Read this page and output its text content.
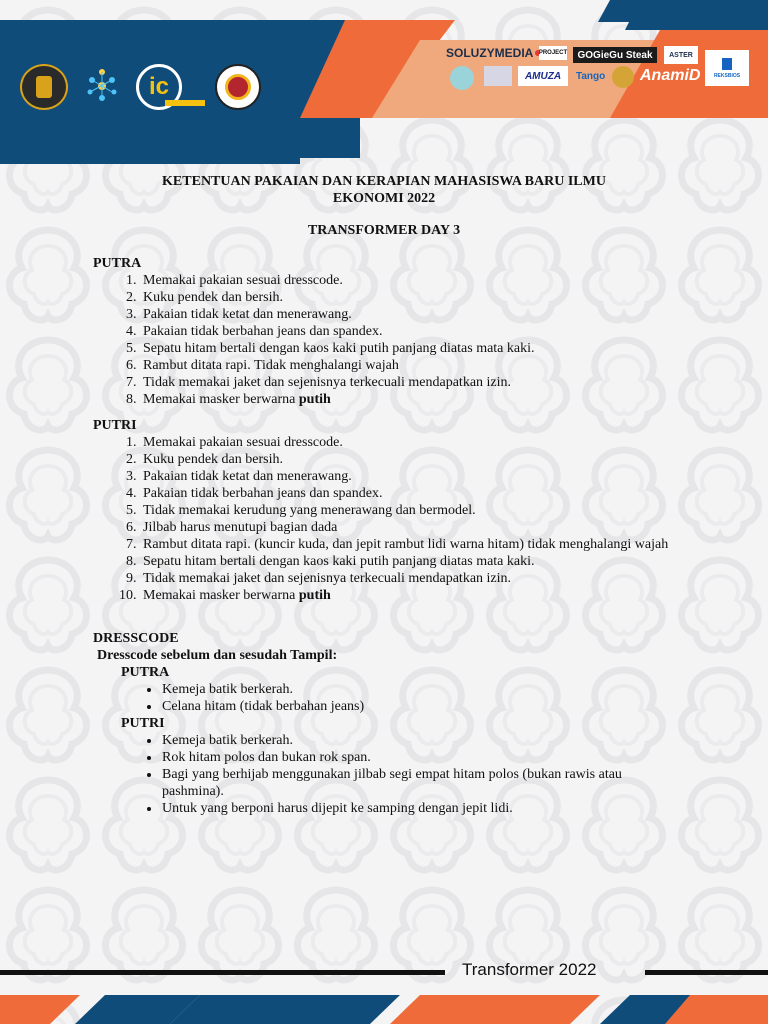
ic
SOLUZYMEDIA PROJECT GOGieGu Steak ASTER
AMUZA Tango AnamiD	REKSBIOS
KETENTUAN PAKAIAN DAN KERAPIAN MAHASISWA BARU ILMU
EKONOMI 2022
TRANSFORMER DAY 3
PUTRA
1. Memakai pakaian sesuai dresscode.
2. Kuku pendek dan bersih.
3. Pakaian tidak ketat dan menerawang.
4. Pakaian tidak berbahan jeans dan spandex.
5. Sepatu hitam bertali dengan kaos kaki putih panjang diatas mata kaki.
6. Rambut ditata rapi. Tidak menghalangi wajah
7. Tidak memakai jaket dan sejenisnya terkecuali mendapatkan izin.
8. Memakai masker berwarna putih
PUTRI
1. Memakai pakaian sesuai dresscode.
2. Kuku pendek dan bersih.
3. Pakaian tidak ketat dan menerawang.
4. Pakaian tidak berbahan jeans dan spandex.
5. Tidak memakai kerudung yang menerawang dan bermodel.
6. Jilbab harus menutupi bagian dada
7. Rambut ditata rapi. (kuncir kuda, dan jepit rambut lidi warna hitam) tidak menghalangi wajah
8. Sepatu hitam bertali dengan kaos kaki putih panjang diatas mata kaki.
9. Tidak memakai jaket dan sejenisnya terkecuali mendapatkan izin.
10. Memakai masker berwarna putih
DRESSCODE
Dresscode sebelum dan sesudah Tampil:
PUTRA
• Kemeja batik berkerah.
• Celana hitam (tidak berbahan jeans)
PUTRI
• Kemeja batik berkerah.
• Rok hitam polos dan bukan rok span.
• Bagi yang berhijab menggunakan jilbab segi empat hitam polos (bukan rawis atau pashmina).
• Untuk yang berponi harus dijepit ke samping dengan jepit lidi.
Transformer 2022
